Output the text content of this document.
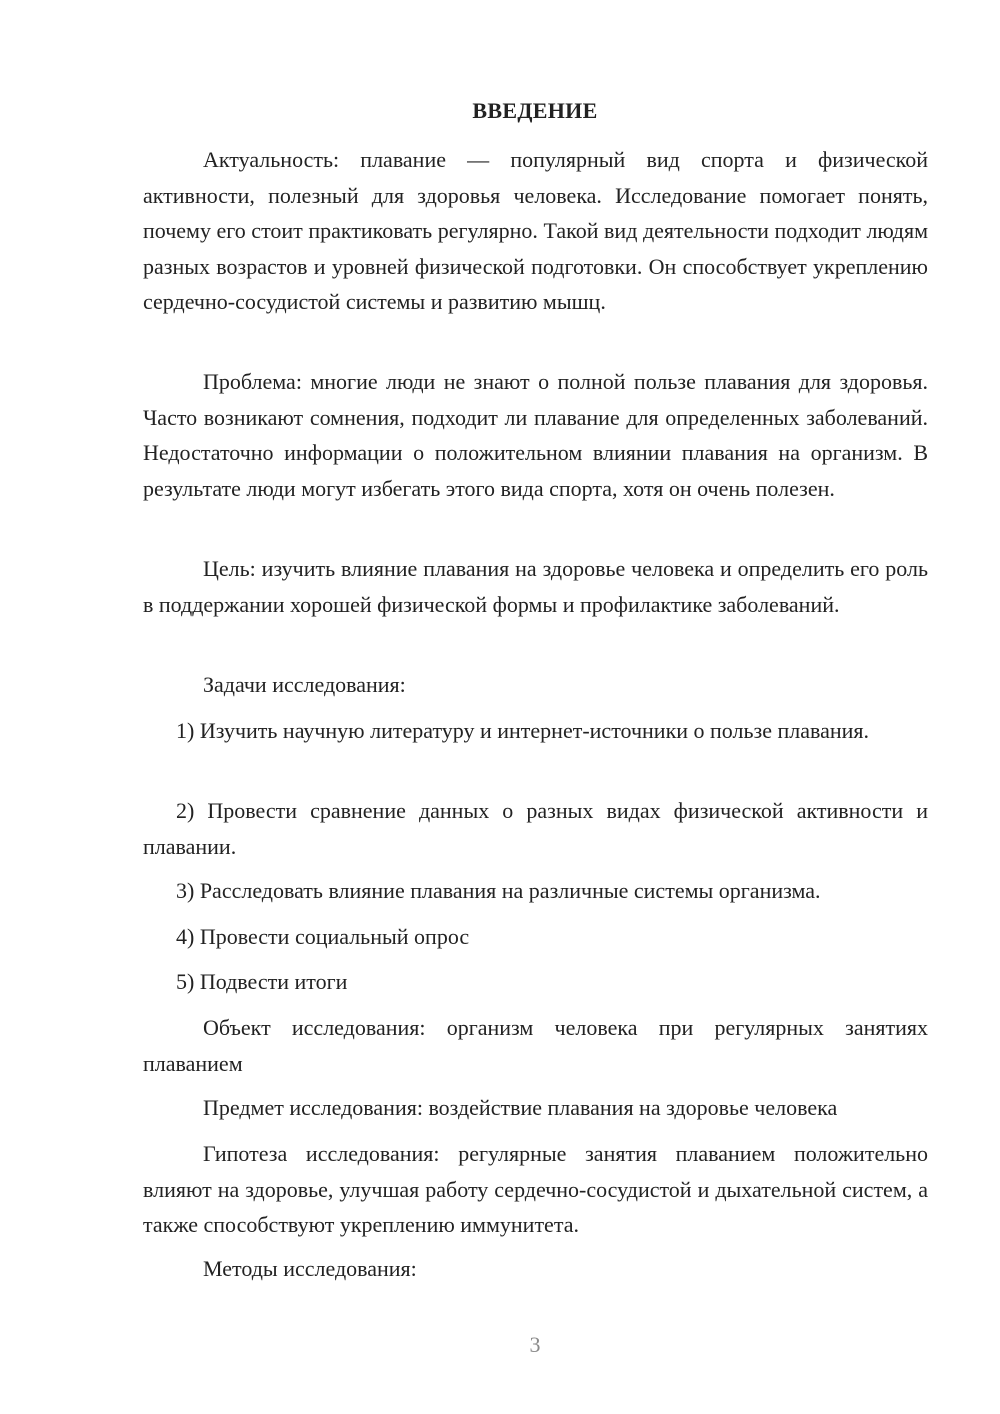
ВВЕДЕНИЕ
Актуальность: плавание — популярный вид спорта и физической активности, полезный для здоровья человека. Исследование помогает понять, почему его стоит практиковать регулярно. Такой вид деятельности подходит людям разных возрастов и уровней физической подготовки. Он способствует укреплению сердечно-сосудистой системы и развитию мышц.
Проблема: многие люди не знают о полной пользе плавания для здоровья. Часто возникают сомнения, подходит ли плавание для определенных заболеваний. Недостаточно информации о положительном влиянии плавания на организм. В результате люди могут избегать этого вида спорта, хотя он очень полезен.
Цель: изучить влияние плавания на здоровье человека и определить его роль в поддержании хорошей физической формы и профилактике заболеваний.
Задачи исследования:
1) Изучить научную литературу и интернет-источники о пользе плавания.
2) Провести сравнение данных о разных видах физической активности и плавании.
3) Расследовать влияние плавания на различные системы организма.
4) Провести социальный опрос
5) Подвести итоги
Объект исследования: организм человека при регулярных занятиях плаванием
Предмет исследования: воздействие плавания на здоровье человека
Гипотеза исследования: регулярные занятия плаванием положительно влияют на здоровье, улучшая работу сердечно-сосудистой и дыхательной систем, а также способствуют укреплению иммунитета.
Методы исследования:
3
